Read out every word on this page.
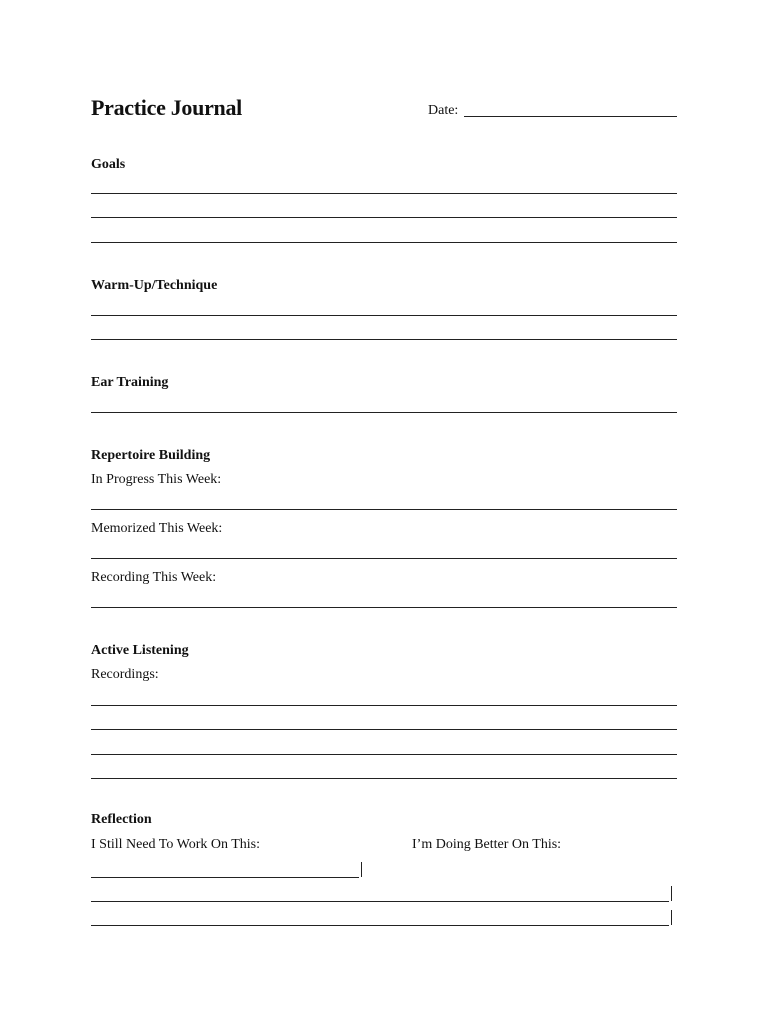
Practice Journal	Date:
Goals
Warm-Up/Technique
Ear Training
Repertoire Building
In Progress This Week:
Memorized This Week:
Recording This Week:
Active Listening
Recordings:
Reflection
I Still Need To Work On This:	I’m Doing Better On This:
